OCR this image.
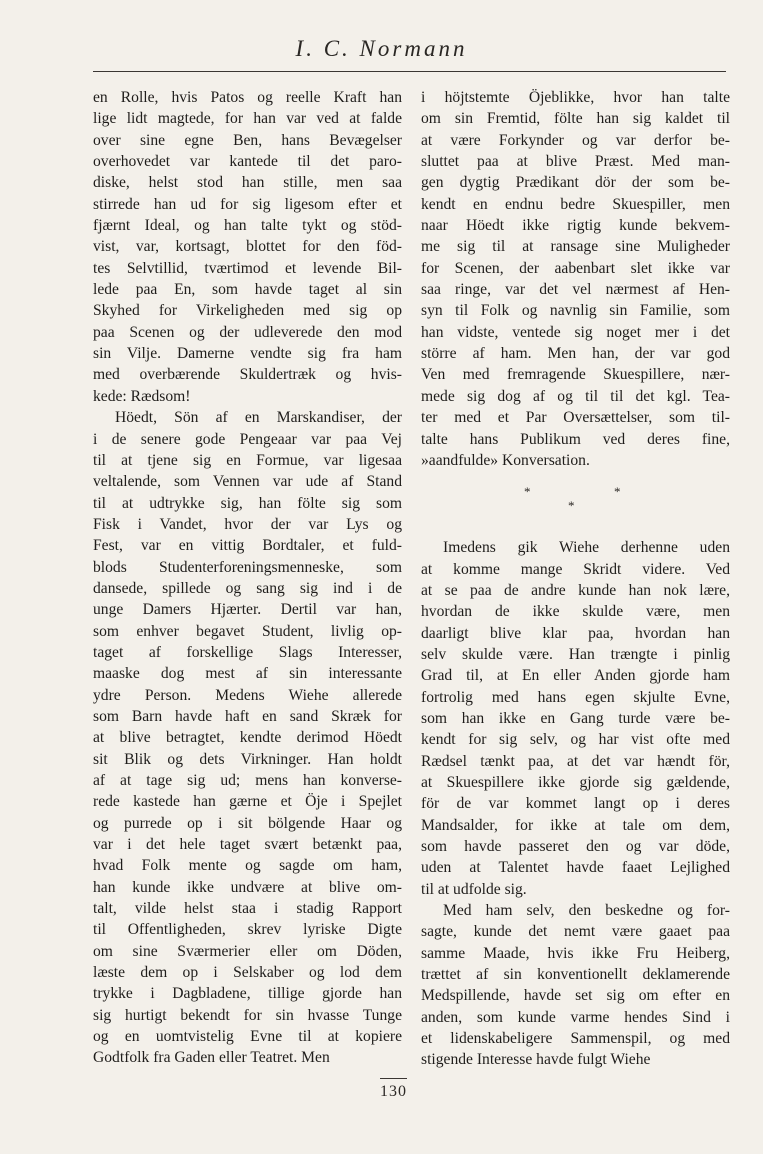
I. C. Normann
en Rolle, hvis Patos og reelle Kraft han
lige lidt magtede, for han var ved at falde
over sine egne Ben, hans Bevægelser
overhovedet var kantede til det paro-
diske, helst stod han stille, men saa
stirrede han ud for sig ligesom efter et
fjærnt Ideal, og han talte tykt og stöd-
vist, var, kortsagt, blottet for den föd-
tes Selvtillid, tværtimod et levende Bil-
lede paa En, som havde taget al sin
Skyhed for Virkeligheden med sig op
paa Scenen og der udleverede den mod
sin Vilje. Damerne vendte sig fra ham
med overbærende Skuldertræk og hvis-
kede: Rædsom!
Höedt, Sön af en Marskandiser, der
i de senere gode Pengeaar var paa Vej
til at tjene sig en Formue, var ligesaa
veltalende, som Vennen var ude af Stand
til at udtrykke sig, han fölte sig som
Fisk i Vandet, hvor der var Lys og
Fest, var en vittig Bordtaler, et fuld-
blods Studenterforeningsmenneske, som
dansede, spillede og sang sig ind i de
unge Damers Hjærter. Dertil var han,
som enhver begavet Student, livlig op-
taget af forskellige Slags Interesser,
maaske dog mest af sin interessante
ydre Person. Medens Wiehe allerede
som Barn havde haft en sand Skræk for
at blive betragtet, kendte derimod Höedt
sit Blik og dets Virkninger. Han holdt
af at tage sig ud; mens han konverse-
rede kastede han gærne et Öje i Spejlet
og purrede op i sit bölgende Haar og
var i det hele taget svært betænkt paa,
hvad Folk mente og sagde om ham,
han kunde ikke undvære at blive om-
talt, vilde helst staa i stadig Rapport
til Offentligheden, skrev lyriske Digte
om sine Sværmerier eller om Döden,
læste dem op i Selskaber og lod dem
trykke i Dagbladene, tillige gjorde han
sig hurtigt bekendt for sin hvasse Tunge
og en uomtvistelig Evne til at kopiere
Godtfolk fra Gaden eller Teatret. Men
i höjtstemte Öjeblikke, hvor han talte
om sin Fremtid, fölte han sig kaldet til
at være Forkynder og var derfor be-
sluttet paa at blive Præst. Med man-
gen dygtig Prædikant dör der som be-
kendt en endnu bedre Skuespiller, men
naar Höedt ikke rigtig kunde bekvem-
me sig til at ransage sine Muligheder
for Scenen, der aabenbart slet ikke var
saa ringe, var det vel nærmest af Hen-
syn til Folk og navnlig sin Familie, som
han vidste, ventede sig noget mer i det
större af ham. Men han, der var god
Ven med fremragende Skuespillere, nær-
mede sig dog af og til til det kgl. Tea-
ter med et Par Oversættelser, som til-
talte hans Publikum ved deres fine,
»aandfulde» Konversation.
*
*
*
Imedens gik Wiehe derhenne uden
at komme mange Skridt videre. Ved
at se paa de andre kunde han nok lære,
hvordan de ikke skulde være, men
daarligt blive klar paa, hvordan han
selv skulde være. Han trængte i pinlig
Grad til, at En eller Anden gjorde ham
fortrolig med hans egen skjulte Evne,
som han ikke en Gang turde være be-
kendt for sig selv, og har vist ofte med
Rædsel tænkt paa, at det var hændt för,
at Skuespillere ikke gjorde sig gældende,
för de var kommet langt op i deres
Mandsalder, for ikke at tale om dem,
som havde passeret den og var döde,
uden at Talentet havde faaet Lejlighed
til at udfolde sig.
Med ham selv, den beskedne og for-
sagte, kunde det nemt være gaaet paa
samme Maade, hvis ikke Fru Heiberg,
trættet af sin konventionellt deklamerende
Medspillende, havde set sig om efter en
anden, som kunde varme hendes Sind i
et lidenskabeligere Sammenspil, og med
stigende Interesse havde fulgt Wiehe
130
